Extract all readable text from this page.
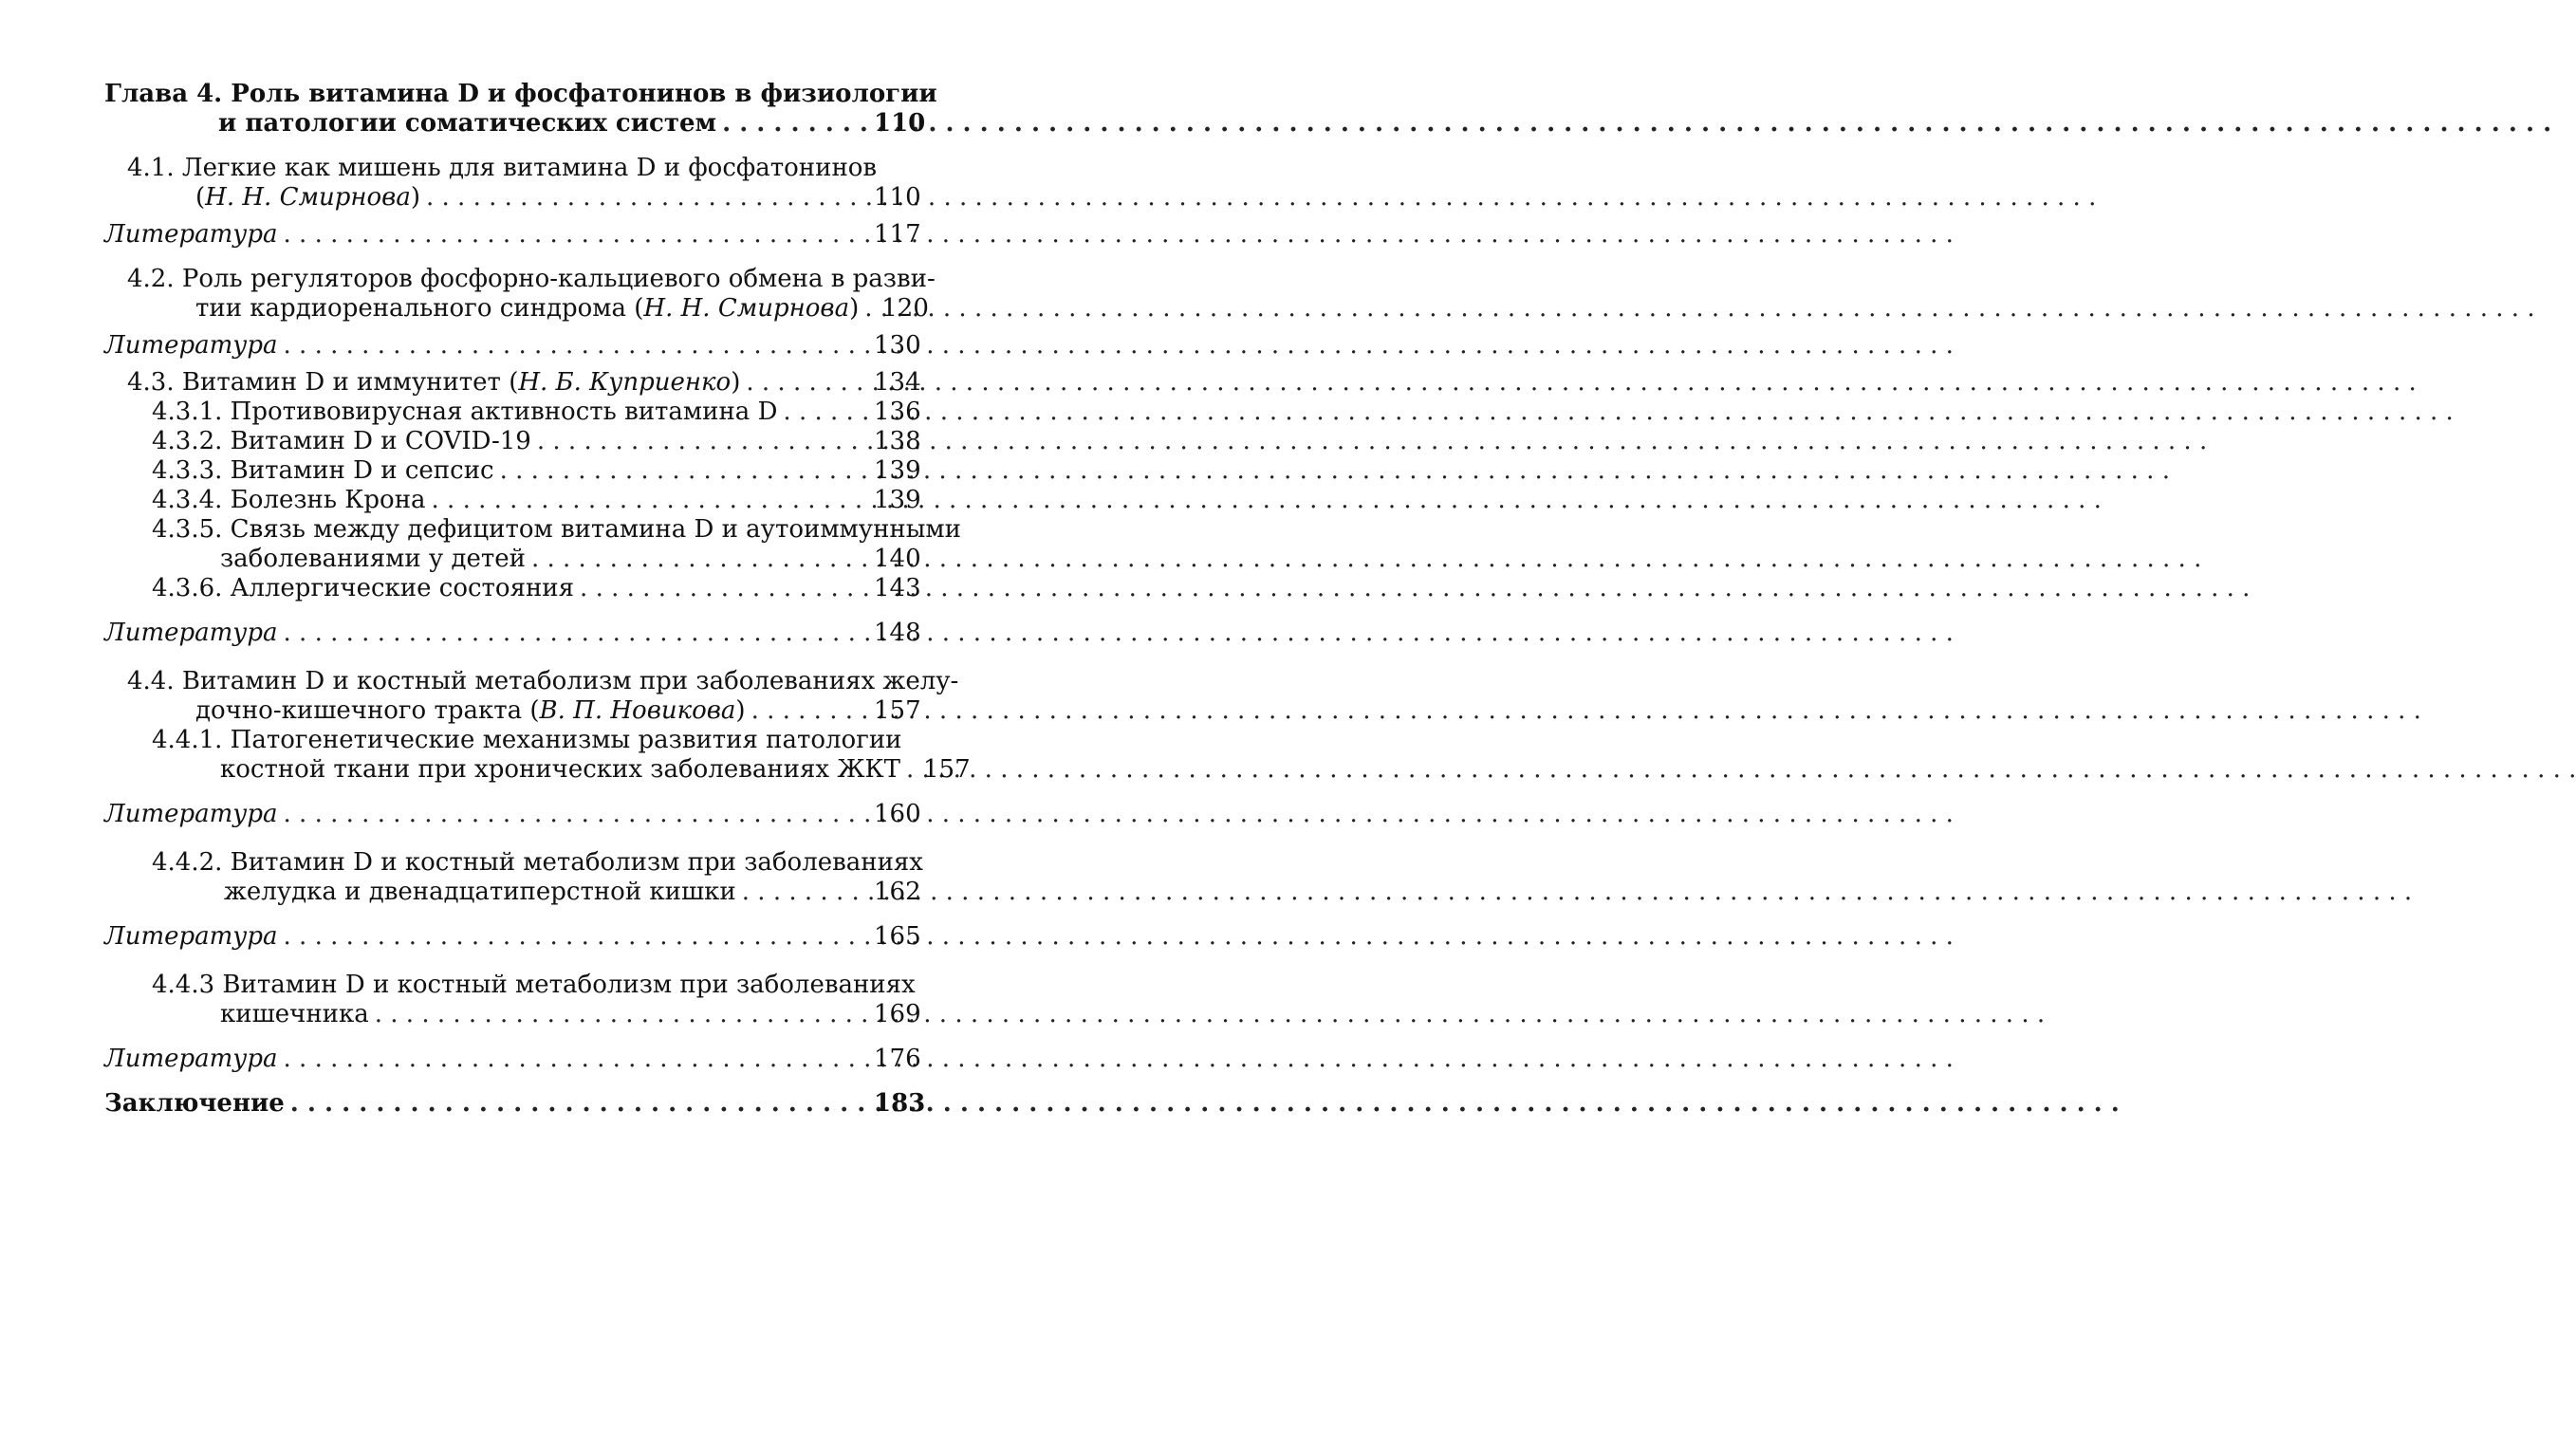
Глава 4. Роль витамина D и фосфатонинов в физиологии
и патологии соматических систем . . .	110
4.1. Легкие как мишень для витамина D и фосфатонинов
(Н. Н. Смирнова) . . .	110
Литература . . .	117
4.2. Роль регуляторов фосфорно-кальциевого обмена в разви-
тии кардиоренального синдрома (Н. Н. Смирнова) . . . 120
Литература . . .	130
4.3. Витамин D и иммунитет (Н. Б. Куприенко) . . .	134
4.3.1. Противовирусная активность витамина D . . .	136
4.3.2. Витамин D и COVID-19 . . .	138
4.3.3. Витамин D и сепсис . . .	139
4.3.4. Болезнь Крона . . .	139
4.3.5. Связь между дефицитом витамина D и аутоиммунными
заболеваниями у детей . . .	140
4.3.6. Аллергические состояния . . .	143
Литература . . .	148
4.4. Витамин D и костный метаболизм при заболеваниях желу-
дочно-кишечного тракта (В. П. Новикова) . . .	157
4.4.1. Патогенетические механизмы развития патологии
костной ткани при хронических заболеваниях ЖКТ . . . 157
Литература . . .	160
4.4.2. Витамин D и костный метаболизм при заболеваниях
желудка и двенадцатиперстной кишки . . .	162
Литература . . .	165
4.4.3 Витамин D и костный метаболизм при заболеваниях
кишечника . . .	169
Литература . . .	176
Заключение . . .	183
